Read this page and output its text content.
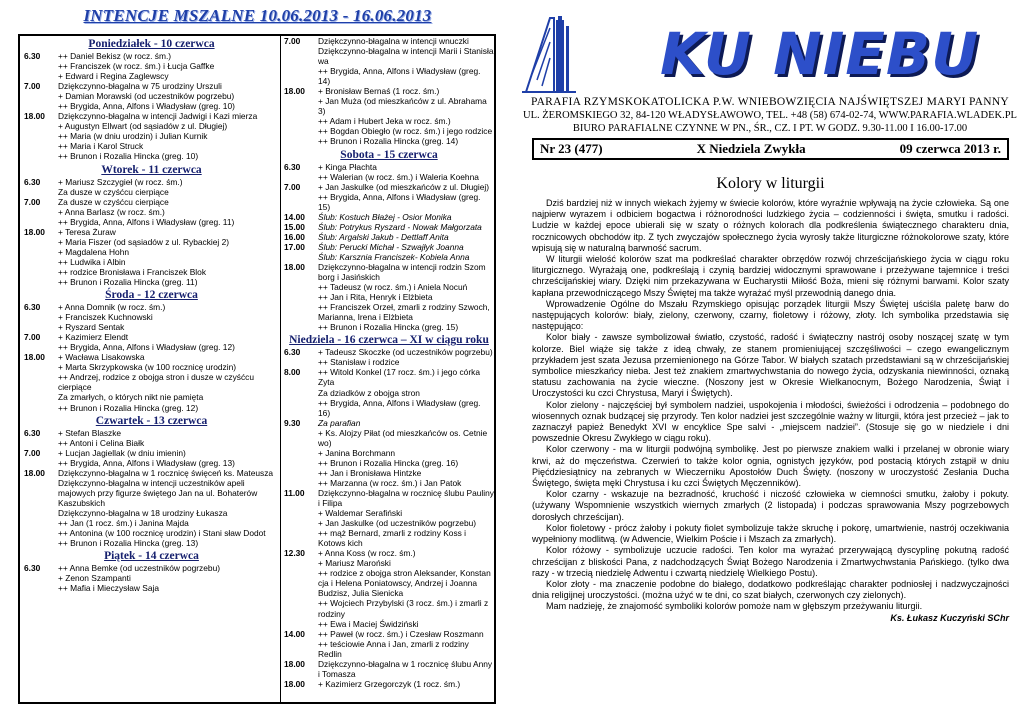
INTENCJE MSZALNE 10.06.2013 - 16.06.2013
Poniedziałek - 10 czerwca
6.30	++ Daniel Bekisz (w rocz. śm.)
++ Franciszek (w rocz. śm.) i Łucja Gaffke
+ Edward i Regina Zaglewscy
7.00	Dziękczynno-błagalna w 75 urodziny Urszuli
+ Damian Morawski (od uczestników pogrzebu)
++ Brygida, Anna, Alfons i Władysław (greg. 10)
18.00	Dziękczynno-błagalna w intencji Jadwigi i Kazi mierza
+ Augustyn Ellwart (od sąsiadów z ul. Długiej)
++ Maria (w dniu urodzin) i Julian Kurnik
++ Maria i Karol Struck
++ Brunon i Rozalia Hincka (greg. 10)
Wtorek - 11 czerwca
6.30	+ Mariusz Szczygieł (w rocz. śm.)
Za dusze w czyśćcu cierpiące
7.00	Za dusze w czyśćcu cierpiące
+ Anna Barlasz (w rocz. śm.)
++ Brygida, Anna, Alfons i Władysław (greg. 11)
18.00	+ Teresa Żuraw
+ Maria Fiszer (od sąsiadów z ul. Rybackiej 2)
+ Magdalena Hohn
++ Ludwika i Albin
++ rodzice Bronisława i Franciszek Blok
++ Brunon i Rozalia Hincka (greg. 11)
Środa - 12 czerwca
6.30	+ Anna Domnik (w rocz. śm.)
+ Franciszek Kuchnowski
+ Ryszard Sentak
7.00	+ Kazimierz Elendt
++ Brygida, Anna, Alfons i Władysław (greg. 12)
18.00	+ Wacława Lisakowska
+ Marta Skrzypkowska (w 100 rocznicę urodzin)
++ Andrzej, rodzice z obojga stron i dusze w czyśćcu cierpiące
Za zmarłych, o których nikt nie pamięta
++ Brunon i Rozalia Hincka (greg. 12)
Czwartek - 13 czerwca
6.30	+ Stefan Blaszke
++ Antoni i Celina Białk
7.00	+ Lucjan Jagiellak (w dniu imienin)
++ Brygida, Anna, Alfons i Władysław (greg. 13)
18.00	Dziękczynno-błagalna w 1 rocznicę święceń ks. Mateusza
Dziękczynno-błagalna w intencji uczestników apeli majowych przy figurze świętego Jan na ul. Bohaterów Kaszubskich
Dziękczynno-błagalna w 18 urodziny Łukasza
++ Jan (1 rocz. śm.) i Janina Majda
++ Antonina (w 100 rocznicę urodzin) i Stani sław Dodot
++ Brunon i Rozalia Hincka (greg. 13)
Piątek - 14 czerwca
6.30	++ Anna Bemke (od uczestników pogrzebu)
+ Zenon Szampanti
++ Mafia i Mieczysław Saja
7.00	Dziękczynno-błagalna w intencji wnuczki
Dziękczynno-błagalna w intencji Marii i Stanisła wa
++ Brygida, Anna, Alfons i Władysław (greg. 14)
18.00	+ Bronisław Bernaś (1 rocz. śm.)
+ Jan Muża (od mieszkańców z ul. Abrahama 3)
++ Adam i Hubert Jeka w rocz. śm.)
++ Bogdan Obiegło (w rocz. śm.) i jego rodzice
++ Brunon i Rozalia Hincka (greg. 14)
Sobota - 15 czerwca
6.30	+ Kinga Płachta
++ Walerian (w rocz. śm.) i Waleria Koehna
7.00	+ Jan Jaskulke (od mieszkańców z ul. Długiej)
++ Brygida, Anna, Alfons i Władysław (greg. 15)
14.00	Ślub: Kostuch Błażej - Osior Monika
15.00	Ślub: Potrykus Ryszard - Nowak Małgorzata
16.00	Ślub: Argalski Jakub - Dettlaff Anita
17.00	Ślub: Perucki Michał - Szwajłyk Joanna
Ślub: Karsznia Franciszek- Kobiela Anna
18.00	Dziękczynno-błagalna w intencji rodzin Szom borg i Jasińskich
++ Tadeusz (w rocz. śm.) i Aniela Nocuń
++ Jan i Rita, Henryk i Elżbieta
++ Franciszek Orzeł, zmarli z rodziny Szwoch, Marianna, Irena i Elżbieta
++ Brunon i Rozalia Hincka (greg. 15)
Niedziela - 16 czerwca – XI w ciągu roku
6.30	+ Tadeusz Skoczke (od uczestników pogrzebu)
++ Stanisław i rodzice
8.00	++ Witold Konkel (17 rocz. śm.) i jego córka Zyta
Za dziadków z obojga stron
++ Brygida, Anna, Alfons i Władysław (greg. 16)
9.30	Za parafian
+ Ks. Alojzy Piłat (od mieszkańców os. Cetnie wo)
+ Janina Borchmann
++ Brunon i Rozalia Hincka (greg. 16)
++ Jan i Bronisława Hintzke
++ Marzanna (w rocz. śm.) i Jan Patok
11.00	Dziękczynno-błagalna w rocznicę ślubu Pauliny i Filipa
+ Waldemar Serafiński
+ Jan Jaskulke (od uczestników pogrzebu)
++ mąż Bernard, zmarli z rodziny Koss i Kotows kich
12.30	+ Anna Koss (w rocz. śm.)
+ Mariusz Maroński
++ rodzice z obojga stron Aleksander, Konstan cja i Helena Poniatowscy, Andrzej i Joanna Budzisz, Julia Sienicka
++ Wojciech Przybylski (3 rocz. śm.) i zmarli z rodziny
++ Ewa i Maciej Świdziński
14.00	++ Paweł (w rocz. śm.) i Czesław Roszmann
++ teściowie Anna i Jan, zmarli z rodziny Redlin
18.00	Dziękczynno-błagalna w 1 rocznicę ślubu Anny i Tomasza
18.00	+ Kazimierz Grzegorczyk (1 rocz. śm.)
KU NIEBU
PARAFIA RZYMSKOKATOLICKA P.W. WNIEBOWZIĘCIA NAJŚWIĘTSZEJ MARYI PANNY
UL. ŻEROMSKIEGO 32, 84-120 WŁADYSŁAWOWO, TEL. +48 (58) 674-02-74, WWW.PARAFIA.WLADEK.PL
BIURO PARAFIALNE CZYNNE W PN., ŚR., CZ. I PT. W GODZ. 9.30-11.00 I 16.00-17.00
Nr 23 (477)	X Niedziela Zwykła	09 czerwca 2013 r.
Kolory w liturgii

Dziś bardziej niż w innych wiekach żyjemy w świecie kolorów, które wyraźnie wpływają na życie człowieka. Są one najpierw wyrazem i odbiciem bogactwa i różnorodności ludzkiego życia – codzienności i święta, smutku i radości. Ludzie w każdej epoce ubierali się w szaty o różnych kolorach dla podkreślenia świątecznego charakteru dnia, rocznicowych obchodów itp. Z tych zwyczajów społecznego życia wyrosły także liturgiczne różnokolorowe szaty, które wpisują się w naturalną barwność sacrum.

W liturgii wielość kolorów szat ma podkreślać charakter obrzędów rozwój chrześcijańskiego życia w ciągu roku liturgicznego. Wyrażają one, podkreślają i czynią bardziej widocznymi sprawowane i przeżywane tajemnice i treści chrześcijańskiej wiary. Dzięki nim przekazywana w Eucharystii Miłość Boża, mieni się różnymi barwami. Kolor szaty kapłana przewodniczącego Mszy Świętej ma także wyrażać myśl przewodnią danego dnia.

Wprowadzenie Ogólne do Mszału Rzymskiego opisując porządek liturgii Mszy Świętej uściśla paletę barw do następujących kolorów: biały, zielony, czerwony, czarny, fioletowy i różowy, złoty. Ich symbolika przedstawia się następująco:

Kolor biały - zawsze symbolizował światło, czystość, radość i świąteczny nastrój osoby noszącej szatę w tym kolorze. Biel wiąże się także z ideą chwały, ze stanem promieniującej szczęśliwości – czego ewangelicznym przykładem jest szata Jezusa przemienionego na Górze Tabor. W białych szatach przedstawiani są w chrześcijańskiej symbolice mieszkańcy nieba. Jest też znakiem zmartwychwstania do nowego życia, odzyskania niewinności, oznaką statusu zachowania na życie wieczne. (Noszony jest w Okresie Wielkanocnym, Bożego Narodzenia, Świąt i Uroczystości ku czci Chrystusa, Maryi i Świętych).

Kolor zielony - najczęściej był symbolem nadziei, uspokojenia i młodości, świeżości i odrodzenia – podobnego do wiosennych oznak budzącej się przyrody. Ten kolor nadziei jest szczególnie ważny w liturgii, która jest przecież – jak to zaznaczył papież Benedykt XVI w encyklice Spe salvi - „miejscem nadziei”. (Stosuje się go w niedziele i dni powszednie Okresu Zwykłego w ciągu roku).

Kolor czerwony - ma w liturgii podwójną symbolikę. Jest po pierwsze znakiem walki i przelanej w obronie wiary krwi, aż do męczeństwa. Czerwień to także kolor ognia, ognistych języków, pod postacią których zstąpił w dniu Pięćdziesiątnicy na zebranych w Wieczerniku Apostołów Duch Święty. (noszony w uroczystość Zesłania Ducha Świętego, święta męki Chrystusa i ku czci Świętych Męczenników).

Kolor czarny - wskazuje na bezradność, kruchość i niczość człowieka w ciemności smutku, żałoby i pokuty. (używany Wspomnienie wszystkich wiernych zmarłych (2 listopada) i podczas sprawowania Mszy pogrzebowych dorosłych chrześcijan).

Kolor fioletowy - prócz żałoby i pokuty fiolet symbolizuje także skruchę i pokorę, umartwienie, nastrój oczekiwania wypełniony modlitwą. (w Adwencie, Wielkim Poście i i Mszach za zmarłych).

Kolor różowy - symbolizuje uczucie radości. Ten kolor ma wyrażać przerywającą dyscyplinę pokutną radość chrześcijan z bliskości Pana, z nadchodzących Świąt Bożego Narodzenia i Zmartwychwstania Pańskiego. (tylko dwa razy - w trzecią niedzielę Adwentu i czwartą niedzielę Wielkiego Postu).

Kolor złoty - ma znaczenie podobne do białego, dodatkowo podkreślając charakter podniosłej i nadzwyczajności dnia religijnej uroczystości. (można użyć w te dni, co szat białych, czerwonych czy zielonych).

Mam nadzieję, że znajomość symboliki kolorów pomoże nam w głębszym przeżywaniu liturgii.

Ks. Łukasz Kuczyński SChr
